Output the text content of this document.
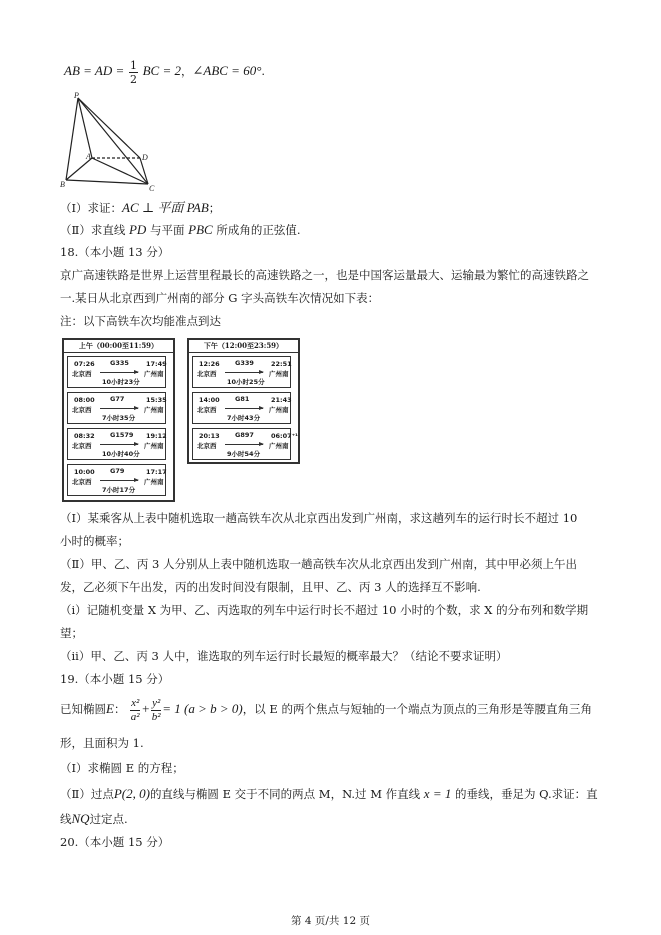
AB = AD = $\frac{1}{2}$ BC = 2，∠ABC = 60°.
P
A
B	C
D
（Ⅰ）求证：AC ⊥ 平面 PAB；
（Ⅱ）求直线 PD 与平面 PBC 所成角的正弦值.
18.（本小题 13 分）
京广高速铁路是世界上运营里程最长的高速铁路之一，也是中国客运量最大、运输最为繁忙的高速铁路之
一.某日从北京西到广州南的部分 G 字头高铁车次情况如下表：
注：以下高铁车次均能准点到达
上午（00:00至11:59）
07:26
北京西
G335
10小时23分
17:49
广州南
08:00
北京西
G77
7小时35分
15:35
广州南
08:32
北京西
G1579
10小时40分
19:12
广州南
10:00
北京西
G79
7小时17分
17:17
广州南
下午（12:00至23:59）
12:26
北京西
G339
10小时25分
22:51
广州南
14:00
北京西
G81
7小时43分
21:43
广州南
20:13
北京西
G897
9小时54分
06:07⁺¹
广州南
（Ⅰ）某乘客从上表中随机选取一趟高铁车次从北京西出发到广州南，求这趟列车的运行时长不超过 10
小时的概率；
（Ⅱ）甲、乙、丙 3 人分别从上表中随机选取一趟高铁车次从北京西出发到广州南，其中甲必须上午出
发，乙必须下午出发，丙的出发时间没有限制，且甲、乙、丙 3 人的选择互不影响.
（i）记随机变量 X 为甲、乙、丙选取的列车中运行时长不超过 10 小时的个数，求 X 的分布列和数学期
望；
（ii）甲、乙、丙 3 人中，谁选取的列车运行时长最短的概率最大？（结论不要求证明）
19.（本小题 15 分）
已知椭圆E： $\frac{\text{x²}}{\text{a²}} + \frac{\text{y²}}{\text{b²}} = 1$ (a > b > 0)，以 E 的两个焦点与短轴的一个端点为顶点的三角形是等腰直角三角
形，且面积为 1.
（Ⅰ）求椭圆 E 的方程；
（Ⅱ）过点P(2, 0)的直线与椭圆 E 交于不同的两点 M，N.过 M 作直线 x = 1 的垂线，垂足为 Q.求证：直
线NQ过定点.
20.（本小题 15 分）
第 4 页/共 12 页
